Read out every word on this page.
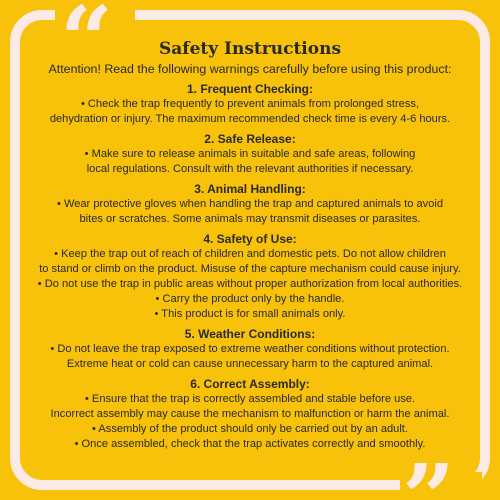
“
”
Safety Instructions
Attention! Read the following warnings carefully before using this product:
1. Frequent Checking:
• Check the trap frequently to prevent animals from prolonged stress,
dehydration or injury. The maximum recommended check time is every 4-6 hours.
2. Safe Release:
• Make sure to release animals in suitable and safe areas, following
local regulations. Consult with the relevant authorities if necessary.
3. Animal Handling:
• Wear protective gloves when handling the trap and captured animals to avoid
bites or scratches. Some animals may transmit diseases or parasites.
4. Safety of Use:
• Keep the trap out of reach of children and domestic pets. Do not allow children
to stand or climb on the product. Misuse of the capture mechanism could cause injury.
• Do not use the trap in public areas without proper authorization from local authorities.
• Carry the product only by the handle.
• This product is for small animals only.
5. Weather Conditions:
• Do not leave the trap exposed to extreme weather conditions without protection.
Extreme heat or cold can cause unnecessary harm to the captured animal.
6. Correct Assembly:
• Ensure that the trap is correctly assembled and stable before use.
Incorrect assembly may cause the mechanism to malfunction or harm the animal.
• Assembly of the product should only be carried out by an adult.
• Once assembled, check that the trap activates correctly and smoothly.
